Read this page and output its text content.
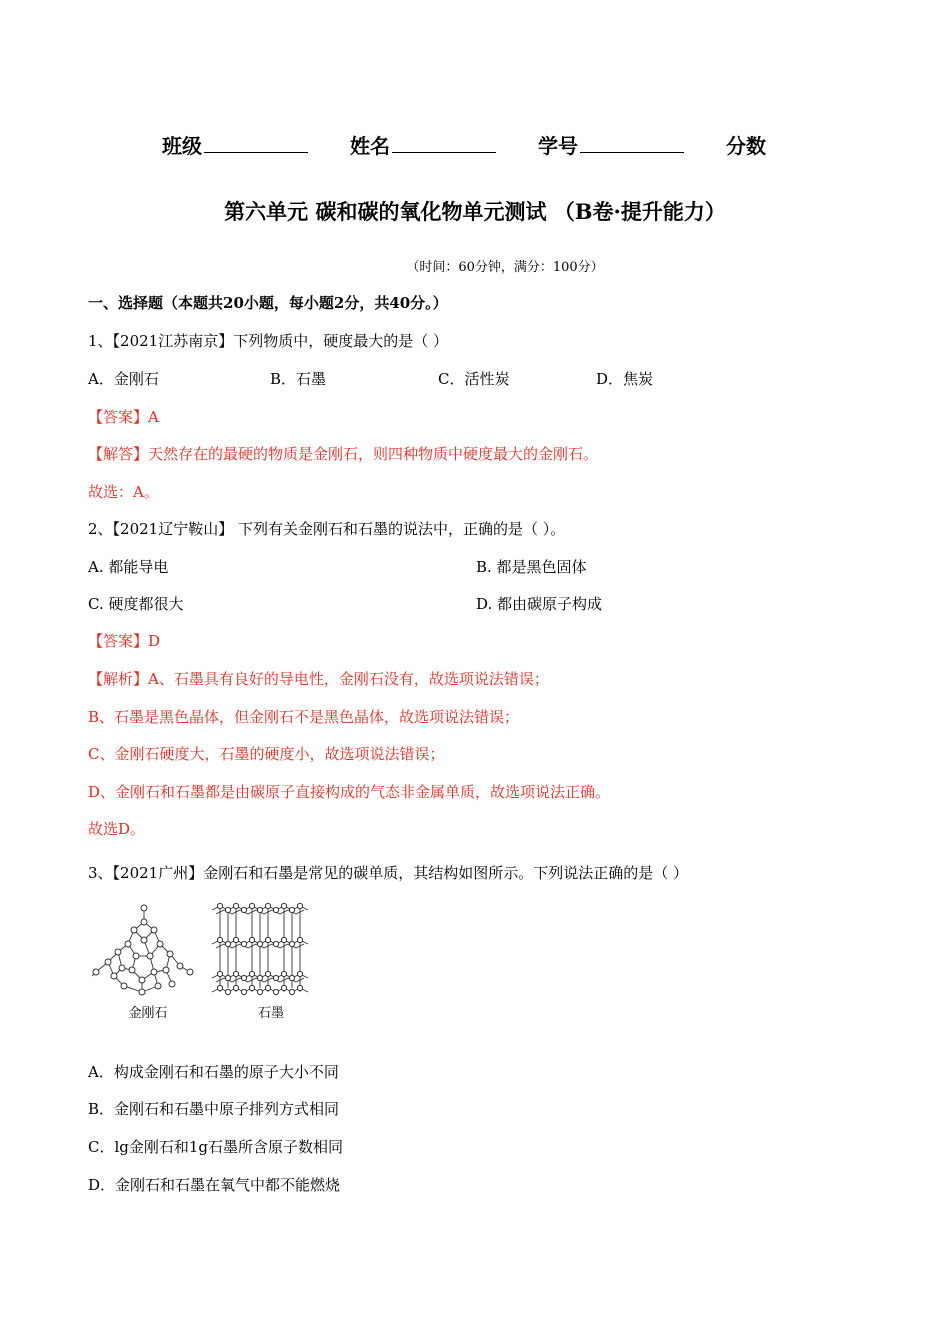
班级	姓名	学号	分数
第六单元 碳和碳的氧化物单元测试 （B卷·提升能力）
（时间：60分钟，满分：100分）
一、选择题（本题共20小题，每小题2分，共40分。）
1、【2021江苏南京】下列物质中，硬度最大的是（ ）
A．金刚石	B．石墨	C．活性炭	D．焦炭
【答案】A
【解答】天然存在的最硬的物质是金刚石，则四种物质中硬度最大的金刚石。
故选：A。
2、【2021辽宁鞍山】 下列有关金刚石和石墨的说法中，正确的是（ ）。
A. 都能导电	B. 都是黑色固体
C. 硬度都很大	D. 都由碳原子构成
【答案】D
【解析】A、石墨具有良好的导电性，金刚石没有，故选项说法错误；
B、石墨是黑色晶体，但金刚石不是黑色晶体，故选项说法错误；
C、金刚石硬度大，石墨的硬度小，故选项说法错误；
D、金刚石和石墨都是由碳原子直接构成的气态非金属单质，故选项说法正确。
故选D。
3、【2021广州】金刚石和石墨是常见的碳单质，其结构如图所示。下列说法正确的是（ ）
金刚石	石墨
A．构成金刚石和石墨的原子大小不同
B．金刚石和石墨中原子排列方式相同
C．lg金刚石和1g石墨所含原子数相同
D．金刚石和石墨在氧气中都不能燃烧
